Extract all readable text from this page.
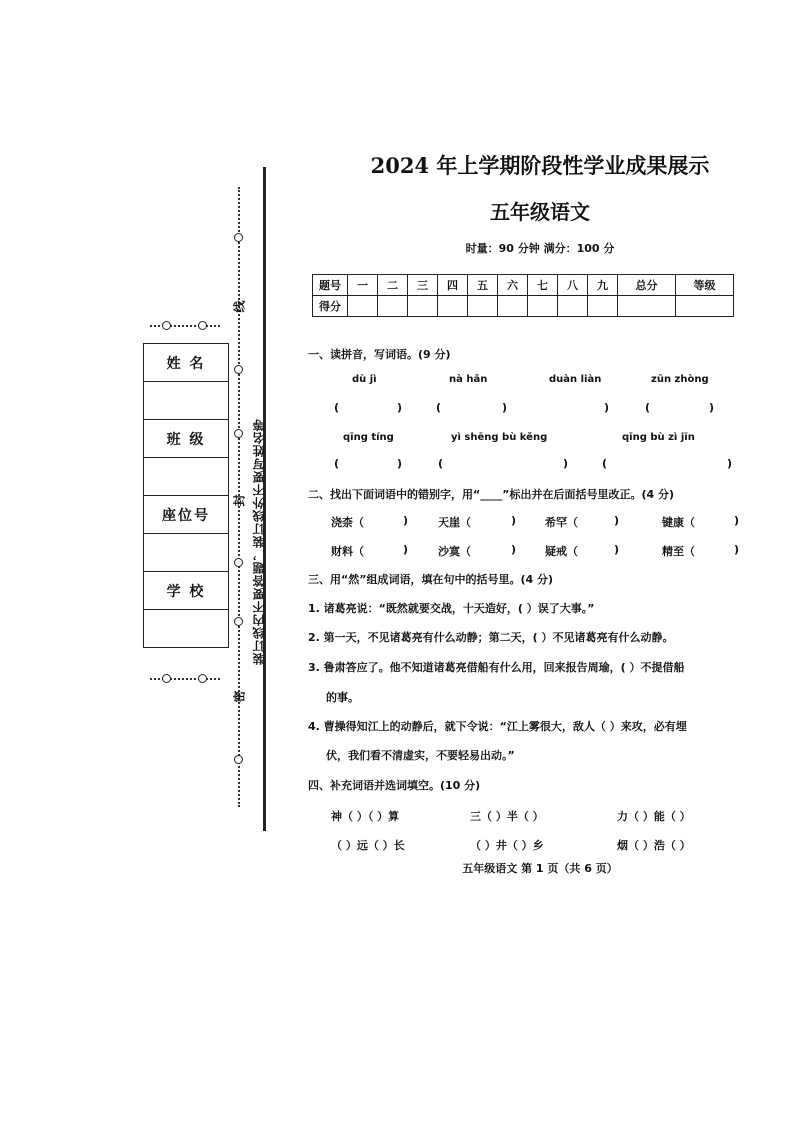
线
封
密
装订线内不要答题，装订线外不要写姓名等
姓 名
班 级
座位号
学 校
2024 年上学期阶段性学业成果展示
五年级语文
时量：90 分钟 满分：100 分
题号	一	二	三	四	五	六	七	八	九	总分	等级
得分											
一、读拼音，写词语。(9 分)
dù jì	nà hǎn	duàn liàn	zūn zhòng
(	)	(	)	)	(	)
qīng tíng	yì shēng bù kěng	qīng bù zì jīn
(	)	(	)	(	)
二、找出下面词语中的错别字，用“____”标出并在后面括号里改正。(4 分)
浇柰（	)	天崖（	)	希罕（	)	键康（	)
财料（	)	沙寞（	)	疑戒（	)	精至（	)
三、用“然”组成词语，填在句中的括号里。(4 分)
1. 诸葛亮说：“既然就要交战，十天造好，( ）误了大事。”
2. 第一天，不见诸葛亮有什么动静；第二天，( ）不见诸葛亮有什么动静。
3. 鲁肃答应了。他不知道诸葛亮借船有什么用，回来报告周瑜，( ）不提借船
的事。
4. 曹操得知江上的动静后，就下令说：“江上雾很大，敌人（ ）来攻，必有埋
伏，我们看不清虚实，不要轻易出动。”
四、补充词语并选词填空。(10 分)
神（ ）（ ）算	三（ ）半（ ）	力（ ）能（ ）
（ ）远（ ）长	（ ）井（ ）乡	烟（ ）浩（ ）
五年级语文 第 1 页（共 6 页）
